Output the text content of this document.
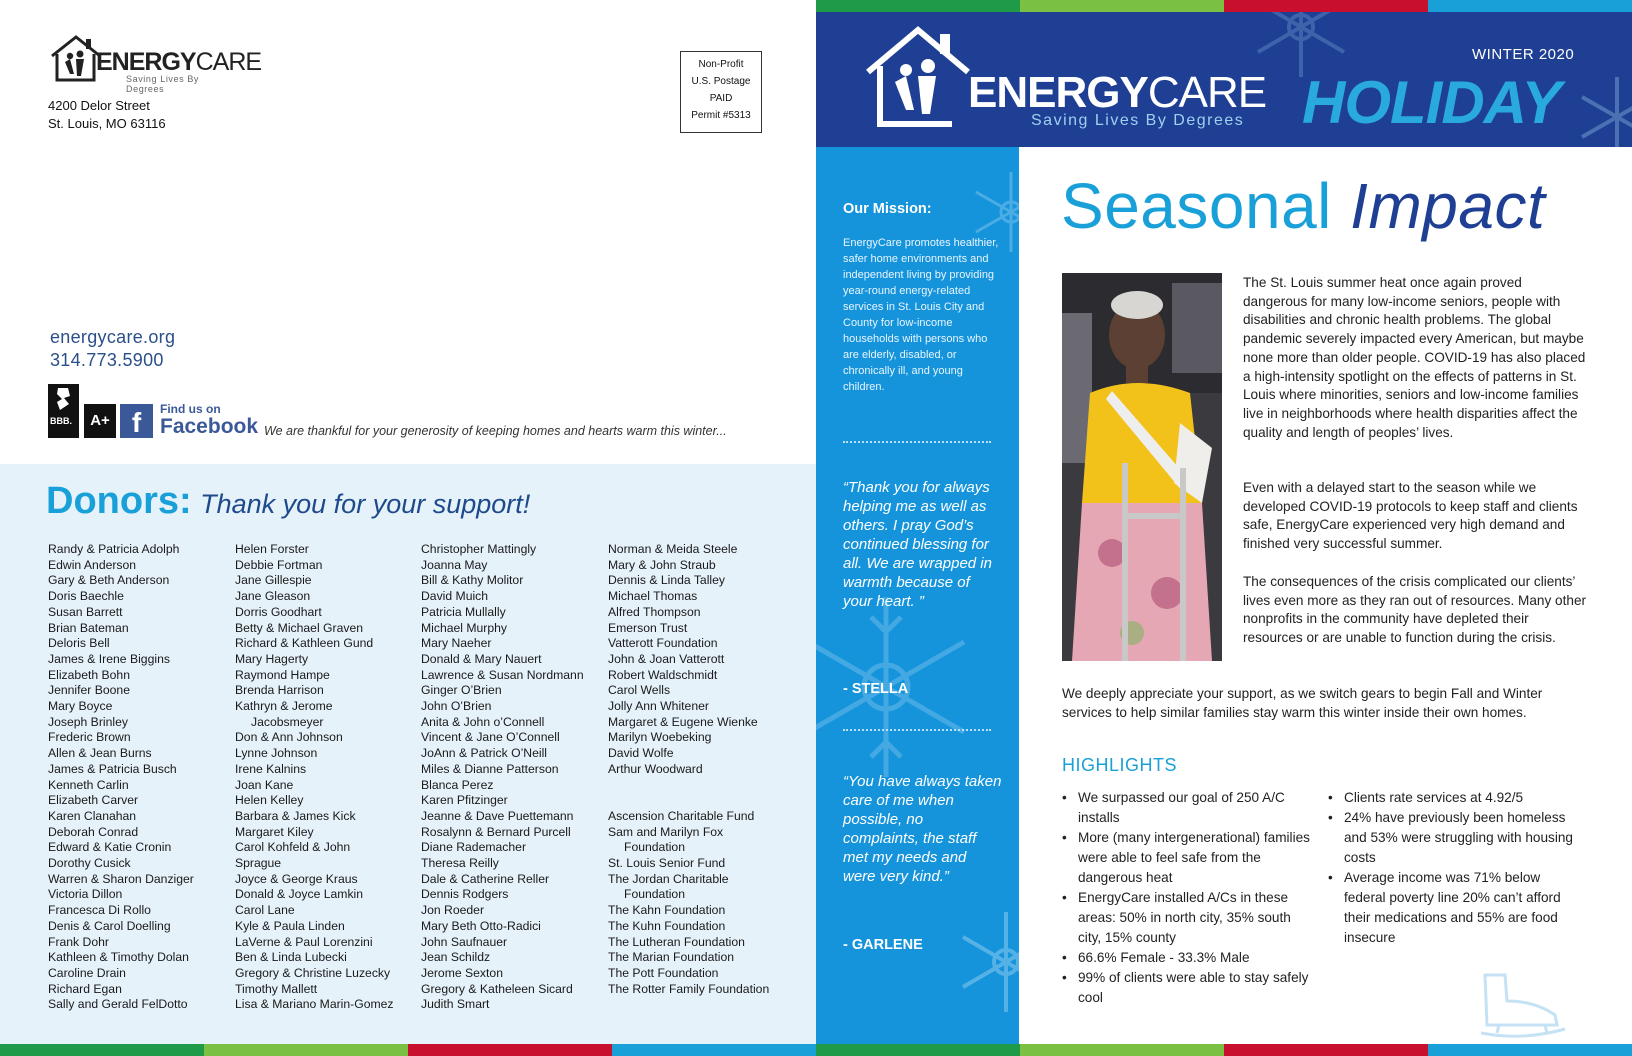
ENERGYCARE
Saving Lives By Degrees
4200 Delor Street
St. Louis, MO 63116
Non-Profit
U.S. Postage
PAID
Permit #5313
energycare.org
314.773.5900
BBB.	A+ f	Find us on
Facebook We are thankful for your generosity of keeping homes and hearts warm this winter...
Donors: Thank you for your support!
Randy & Patricia Adolph
Edwin Anderson
Gary & Beth Anderson
Doris Baechle
Susan Barrett
Brian Bateman
Deloris Bell
James & Irene Biggins
Elizabeth Bohn
Jennifer Boone
Mary Boyce
Joseph Brinley
Frederic Brown
Allen & Jean Burns
James & Patricia Busch
Kenneth Carlin
Elizabeth Carver
Karen Clanahan
Deborah Conrad
Edward & Katie Cronin
Dorothy Cusick
Warren & Sharon Danziger
Victoria Dillon
Francesca Di Rollo
Denis & Carol Doelling
Frank Dohr
Kathleen & Timothy Dolan
Caroline Drain
Richard Egan
Sally and Gerald FelDotto
Helen Forster
Debbie Fortman
Jane Gillespie
Jane Gleason
Dorris Goodhart
Betty & Michael Graven
Richard & Kathleen Gund
Mary Hagerty
Raymond Hampe
Brenda Harrison
Kathryn & Jerome
Jacobsmeyer
Don & Ann Johnson
Lynne Johnson
Irene Kalnins
Joan Kane
Helen Kelley
Barbara & James Kick
Margaret Kiley
Carol Kohfeld & John
Sprague
Joyce & George Kraus
Donald & Joyce Lamkin
Carol Lane
Kyle & Paula Linden
LaVerne & Paul Lorenzini
Ben & Linda Lubecki
Gregory & Christine Luzecky
Timothy Mallett
Lisa & Mariano Marin-Gomez
Christopher Mattingly
Joanna May
Bill & Kathy Molitor
David Muich
Patricia Mullally
Michael Murphy
Mary Naeher
Donald & Mary Nauert
Lawrence & Susan Nordmann
Ginger O’Brien
John O’Brien
Anita & John o’Connell
Vincent & Jane O’Connell
JoAnn & Patrick O’Neill
Miles & Dianne Patterson
Blanca Perez
Karen Pfitzinger
Jeanne & Dave Puettemann
Rosalynn & Bernard Purcell
Diane Rademacher
Theresa Reilly
Dale & Catherine Reller
Dennis Rodgers
Jon Roeder
Mary Beth Otto-Radici
John Saufnauer
Jean Schildz
Jerome Sexton
Gregory & Katheleen Sicard
Judith Smart
Norman & Meida Steele
Mary & John Straub
Dennis & Linda Talley
Michael Thomas
Alfred Thompson
Emerson Trust
Vatterott Foundation
John & Joan Vatterott
Robert Waldschmidt
Carol Wells
Jolly Ann Whitener
Margaret & Eugene Wienke
Marilyn Woebeking
David Wolfe
Arthur Woodward
Ascension Charitable Fund
Sam and Marilyn Fox
Foundation
St. Louis Senior Fund
The Jordan Charitable
Foundation
The Kahn Foundation
The Kuhn Foundation
The Lutheran Foundation
The Marian Foundation
The Pott Foundation
The Rotter Family Foundation
ENERGYCARE
Saving Lives By Degrees
WINTER 2020
HOLIDAY
Our Mission:
EnergyCare promotes healthier, safer home environments and independent living by providing year-round energy-related services in St. Louis City and County for low-income households with persons who are elderly, disabled, or chronically ill, and young children.
“Thank you for always helping me as well as others. I pray God’s continued blessing for all. We are wrapped in warmth because of your heart. ”
- STELLA
“You have always taken care of me when possible, no complaints, the staff met my needs and were very kind.”
- GARLENE
Seasonal Impact
The St. Louis summer heat once again proved dangerous for many low-income seniors, people with disabilities and chronic health problems. The global pandemic severely impacted every American, but maybe none more than older people. COVID-19 has also placed a high-intensity spotlight on the effects of patterns in St. Louis where minorities, seniors and low-income families live in neighborhoods where health disparities affect the quality and length of peoples’ lives.
Even with a delayed start to the season while we developed COVID-19 protocols to keep staff and clients safe, EnergyCare experienced very high demand and finished very successful summer.
The consequences of the crisis complicated our clients’ lives even more as they ran out of resources. Many other nonprofits in the community have depleted their resources or are unable to function during the crisis.
We deeply appreciate your support, as we switch gears to begin Fall and Winter services to help similar families stay warm this winter inside their own homes.
HIGHLIGHTS
• We surpassed our goal of 250 A/C installs
• More (many intergenerational) families were able to feel safe from the dangerous heat
• EnergyCare installed A/Cs in these areas: 50% in north city, 35% south city, 15% county
• 66.6% Female - 33.3% Male
• 99% of clients were able to stay safely cool
• Clients rate services at 4.92/5
• 24% have previously been homeless and 53% were struggling with housing costs
• Average income was 71% below federal poverty line 20% can’t afford their medications and 55% are food insecure
